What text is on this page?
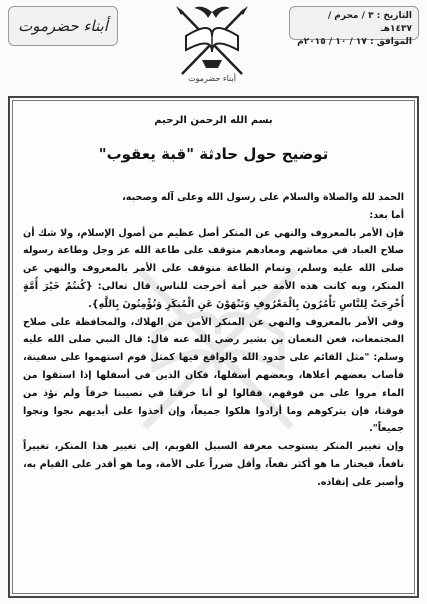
التاريخ : ٣ / محرم / ١٤٣٧هـ
الموافق : ١٧ / ١٠ / ٢٠١٥م
أبناء حضرموت
أبناء حضرموت
بسم الله الرحمن الرحيم
توضيح حول حادثة "قبة يعقوب"

الحمد لله والصلاة والسلام على رسول الله وعلى آله وصحبه،

أما بعد:

فإن الأمر بالمعروف والنهي عن المنكر أصل عظيم من أصول الإسلام، ولا شك أن صلاح العباد في معاشهم ومعادهم متوقف على طاعة الله عز وجل وطاعة رسوله صلى الله عليه وسلم، وتمام الطاعة متوقف على الأمر بالمعروف والنهي عن المنكر، وبه كانت هذه الأمة خير أمة أخرجت للناس، قال تعالى: {كُنتُمْ خَيْرَ أُمَّةٍ أُخْرِجَتْ لِلنَّاسِ تَأْمُرُونَ بِالْمَعْرُوفِ وَتَنْهَوْنَ عَنِ الْمُنكَرِ وَتُؤْمِنُونَ بِاللَّهِ}.

وفي الأمر بالمعروف والنهي عن المنكر الأمن من الهلاك، والمحافظة على صلاح المجتمعات، فعن النعمان بن بشير رضي الله عنه قال: قال النبي صلى الله عليه وسلم: "مثل القائم على حدود الله والواقع فيها كمثل قوم استهموا على سفينة، فأصاب بعضهم أعلاها، وبعضهم أسفلها، فكان الذين في أسفلها إذا استقوا من الماء مروا على من فوقهم، فقالوا لو أنا خرقنا في نصيبنا خرقاً ولم نؤذ من فوقنا، فإن يتركوهم وما أرادوا هلكوا جميعاً، وإن أخذوا على أيديهم نجوا ونجوا جميعاً".

وإن تغيير المنكر يستوجب معرفة السبيل القويم، إلى تغيير هذا المنكر، تغييراً نافعاً، فيختار ما هو أكثر نفعاً، وأقل ضرراً على الأمة، وما هو أقدر على القيام به، وأصبر على إنفاذه.
